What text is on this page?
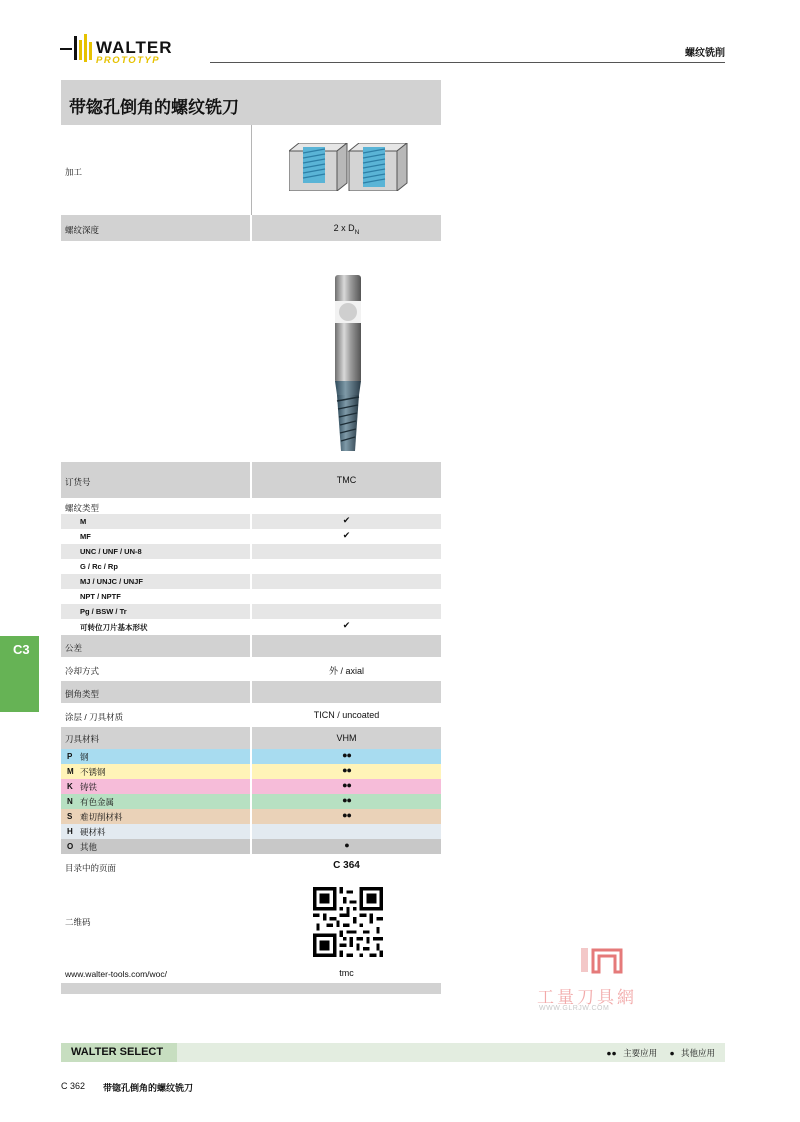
WALTER
PROTOTYP
螺纹铣削
带锪孔倒角的螺纹铣刀
加工
螺纹深度	2 x $D_N$
订货号	TMC
螺纹类型
M	✔
MF	✔
UNC / UNF / UN-8
G / Rc / Rp
MJ / UNJC / UNJF
NPT / NPTF
Pg / BSW / Tr
可转位刀片基本形状	✔
公差
冷却方式	外 / axial
倒角类型
涂层 / 刀具材质	TICN / uncoated
刀具材料	VHM
P 钢	●●
M 不锈钢	●●
K 铸铁	●●
N 有色金属	●●
S 难切削材料	●●
H 硬材料
O 其他	●
目录中的页面	C 364
二维码
www.walter-tools.com/woc/	tmc
C3
工量刀具網
WWW.GLRJW.COM
WALTER SELECT	●● 主要应用 ● 其他应用
C 362 带锪孔倒角的螺纹铣刀
